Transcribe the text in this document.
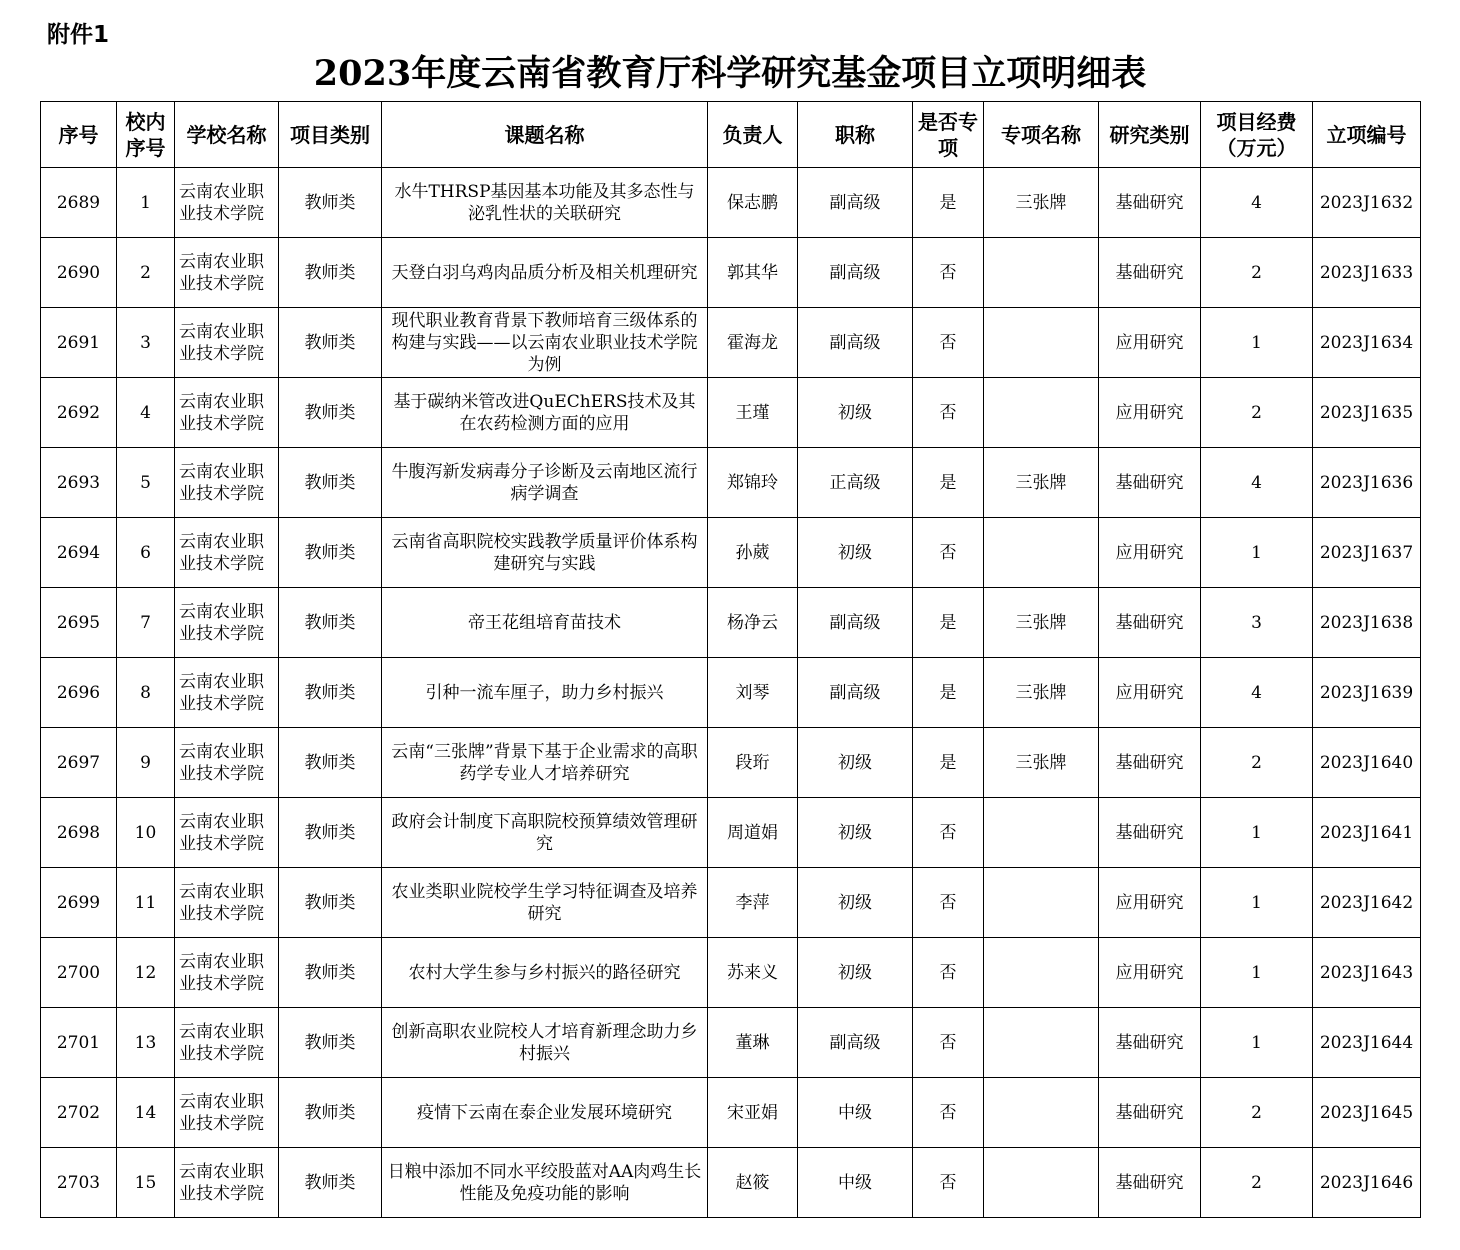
附件1
2023年度云南省教育厅科学研究基金项目立项明细表
序号	校内序号	学校名称	项目类别	课题名称	负责人	职称	是否专项	专项名称	研究类别	项目经费（万元）	立项编号
2689	1	云南农业职业技术学院	教师类	水牛THRSP基因基本功能及其多态性与泌乳性状的关联研究	保志鹏	副高级	是	三张牌	基础研究	4	2023J1632
2690	2	云南农业职业技术学院	教师类	天登白羽乌鸡肉品质分析及相关机理研究	郭其华	副高级	否		基础研究	2	2023J1633
2691	3	云南农业职业技术学院	教师类	现代职业教育背景下教师培育三级体系的构建与实践——以云南农业职业技术学院为例	霍海龙	副高级	否		应用研究	1	2023J1634
2692	4	云南农业职业技术学院	教师类	基于碳纳米管改进QuEChERS技术及其在农药检测方面的应用	王瑾	初级	否		应用研究	2	2023J1635
2693	5	云南农业职业技术学院	教师类	牛腹泻新发病毒分子诊断及云南地区流行病学调查	郑锦玲	正高级	是	三张牌	基础研究	4	2023J1636
2694	6	云南农业职业技术学院	教师类	云南省高职院校实践教学质量评价体系构建研究与实践	孙葳	初级	否		应用研究	1	2023J1637
2695	7	云南农业职业技术学院	教师类	帝王花组培育苗技术	杨净云	副高级	是	三张牌	基础研究	3	2023J1638
2696	8	云南农业职业技术学院	教师类	引种一流车厘子，助力乡村振兴	刘琴	副高级	是	三张牌	应用研究	4	2023J1639
2697	9	云南农业职业技术学院	教师类	云南“三张牌”背景下基于企业需求的高职药学专业人才培养研究	段珩	初级	是	三张牌	基础研究	2	2023J1640
2698	10	云南农业职业技术学院	教师类	政府会计制度下高职院校预算绩效管理研究	周道娟	初级	否		基础研究	1	2023J1641
2699	11	云南农业职业技术学院	教师类	农业类职业院校学生学习特征调查及培养研究	李萍	初级	否		应用研究	1	2023J1642
2700	12	云南农业职业技术学院	教师类	农村大学生参与乡村振兴的路径研究	苏来义	初级	否		应用研究	1	2023J1643
2701	13	云南农业职业技术学院	教师类	创新高职农业院校人才培育新理念助力乡村振兴	董琳	副高级	否		基础研究	1	2023J1644
2702	14	云南农业职业技术学院	教师类	疫情下云南在泰企业发展环境研究	宋亚娟	中级	否		基础研究	2	2023J1645
2703	15	云南农业职业技术学院	教师类	日粮中添加不同水平绞股蓝对AA肉鸡生长性能及免疫功能的影响	赵筱	中级	否		基础研究	2	2023J1646
